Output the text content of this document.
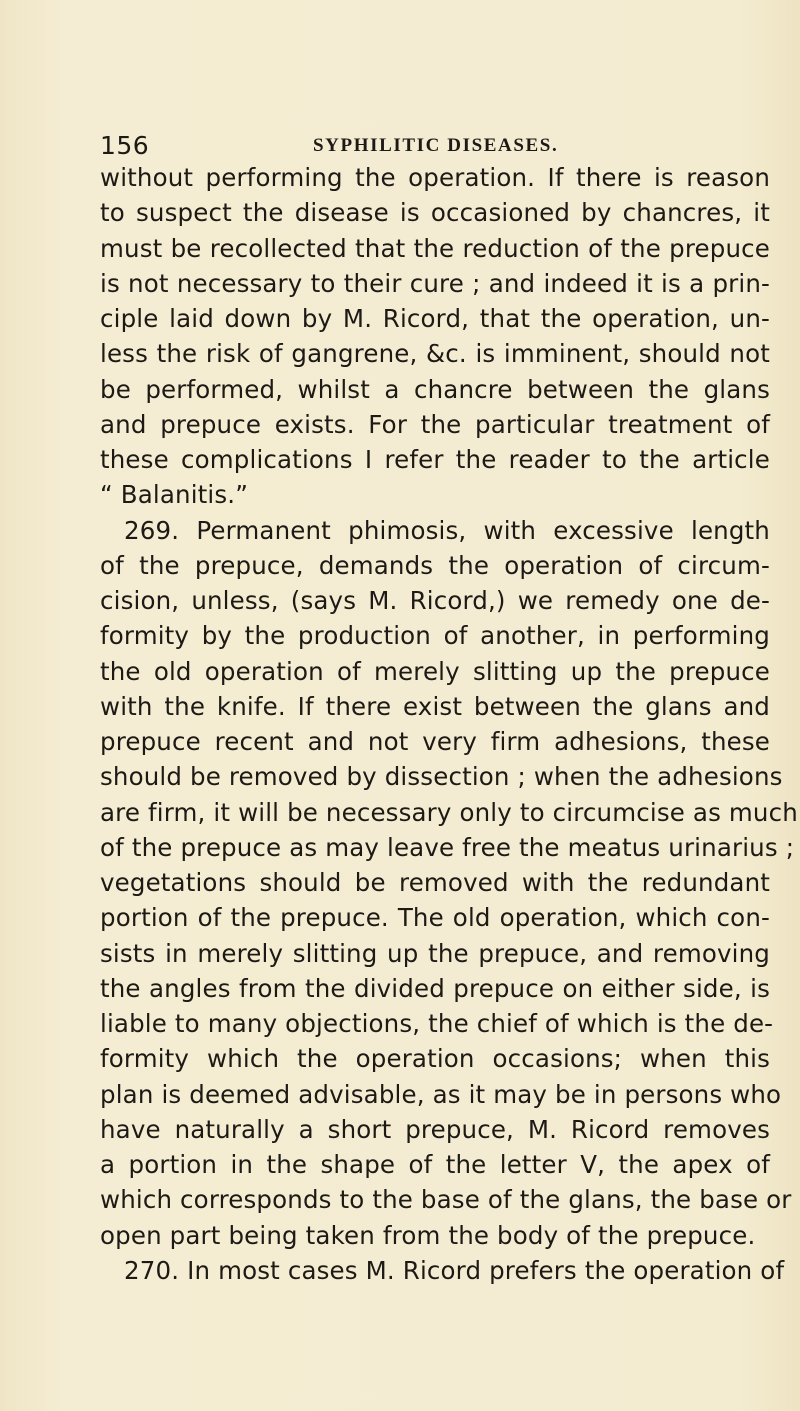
156	SYPHILITIC DISEASES.
without performing the operation. If there is reason
to suspect the disease is occasioned by chancres, it
must be recollected that the reduction of the prepuce
is not necessary to their cure ; and indeed it is a prin-
ciple laid down by M. Ricord, that the operation, un-
less the risk of gangrene, &c. is imminent, should not
be performed, whilst a chancre between the glans
and prepuce exists. For the particular treatment of
these complications I refer the reader to the article
“ Balanitis.”
269. Permanent phimosis, with excessive length
of the prepuce, demands the operation of circum-
cision, unless, (says M. Ricord,) we remedy one de-
formity by the production of another, in performing
the old operation of merely slitting up the prepuce
with the knife. If there exist between the glans and
prepuce recent and not very firm adhesions, these
should be removed by dissection ; when the adhesions
are firm, it will be necessary only to circumcise as much
of the prepuce as may leave free the meatus urinarius ;
vegetations should be removed with the redundant
portion of the prepuce. The old operation, which con-
sists in merely slitting up the prepuce, and removing
the angles from the divided prepuce on either side, is
liable to many objections, the chief of which is the de-
formity which the operation occasions; when this
plan is deemed advisable, as it may be in persons who
have naturally a short prepuce, M. Ricord removes
a portion in the shape of the letter V, the apex of
which corresponds to the base of the glans, the base or
open part being taken from the body of the prepuce.
270. In most cases M. Ricord prefers the operation of
